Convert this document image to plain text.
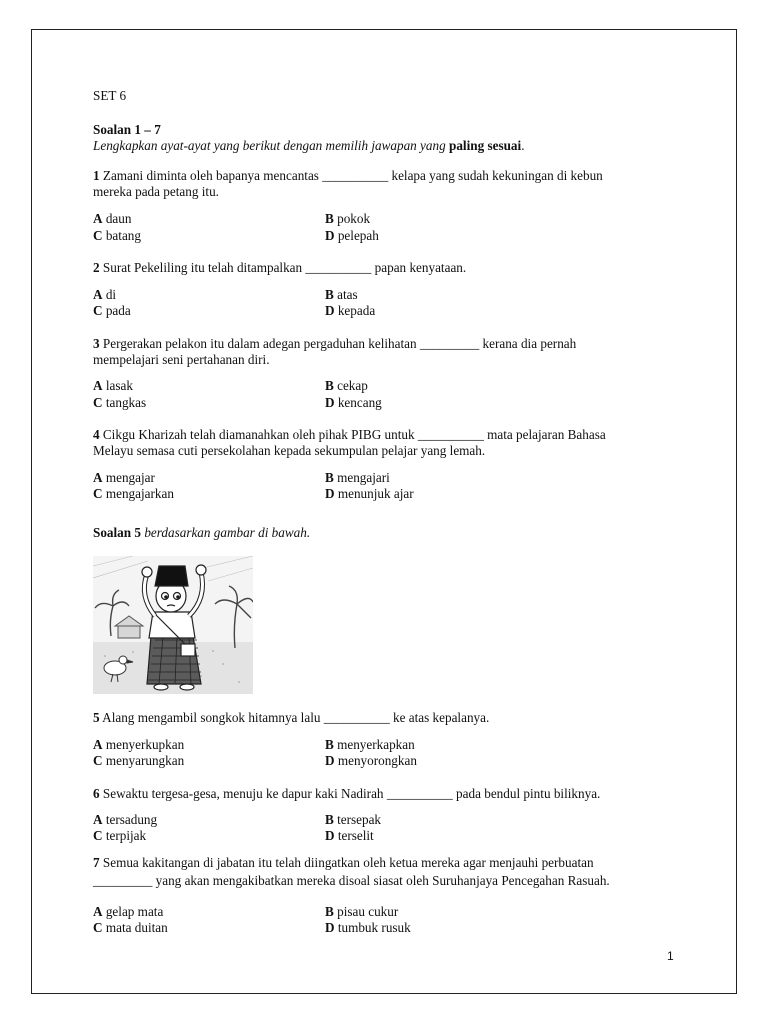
SET 6
Soalan 1 – 7
Lengkapkan ayat-ayat yang berikut dengan memilih jawapan yang paling sesuai.
1 Zamani diminta oleh bapanya mencantas __________ kelapa yang sudah kekuningan di kebun
mereka pada petang itu.
A daun	B pokok
C batang	D pelepah
2 Surat Pekeliling itu telah ditampalkan __________ papan kenyataan.
A di	B atas
C pada	D kepada
3 Pergerakan pelakon itu dalam adegan pergaduhan kelihatan _________ kerana dia pernah
mempelajari seni pertahanan diri.
A lasak	B cekap
C tangkas	D kencang
4 Cikgu Kharizah telah diamanahkan oleh pihak PIBG untuk __________ mata pelajaran Bahasa
Melayu semasa cuti persekolahan kepada sekumpulan pelajar yang lemah.
A mengajar	B mengajari
C mengajarkan	D menunjuk ajar
Soalan 5 berdasarkan gambar di bawah.
5 Alang mengambil songkok hitamnya lalu __________ ke atas kepalanya.
A menyerkupkan	B menyerkapkan
C menyarungkan	D menyorongkan
6 Sewaktu tergesa-gesa, menuju ke dapur kaki Nadirah __________ pada bendul pintu biliknya.
A tersadung	B tersepak
C terpijak	D terselit
7 Semua kakitangan di jabatan itu telah diingatkan oleh ketua mereka agar menjauhi perbuatan
_________ yang akan mengakibatkan mereka disoal siasat oleh Suruhanjaya Pencegahan Rasuah.
A gelap mata	B pisau cukur
C mata duitan	D tumbuk rusuk
1
